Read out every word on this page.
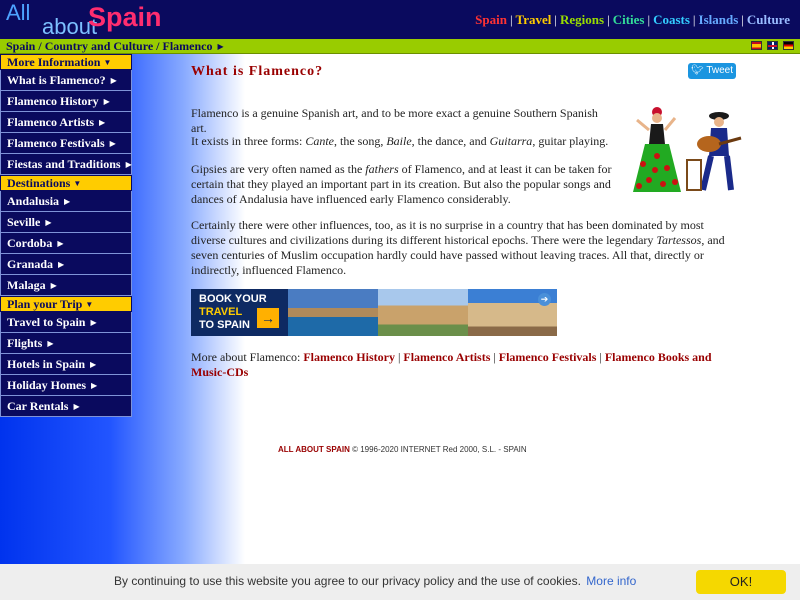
All
about
Spain	Spain | Travel | Regions | Cities | Coasts | Islands | Culture
Spain / Country and Culture / Flamenco ▶
More Information ▼
What is Flamenco? ▶
Flamenco History ▶
Flamenco Artists ▶
Flamenco Festivals ▶
Fiestas and Traditions ▶
Destinations ▼
Andalusia ▶
Seville ▶
Cordoba ▶
Granada ▶
Malaga ▶
Plan your Trip ▼
Travel to Spain ▶
Flights ▶
Hotels in Spain ▶
Holiday Homes ▶
Car Rentals ▶
What is Flamenco?	🐦︎ Tweet

Flamenco is a genuine Spanish art, and to be more exact a genuine Southern Spanish art.

It exists in three forms: Cante, the song, Baile, the dance, and Guitarra, guitar playing.

Gipsies are very often named as the fathers of Flamenco, and at least it can be taken for certain that they played an important part in its creation. But also the popular songs and dances of Andalusia have influenced early Flamenco considerably.

Certainly there were other influences, too, as it is no surprise in a country that has been dominated by most diverse cultures and civilizations during its different historical epochs. There were the legendary Tartessos, and seven centuries of Muslim occupation hardly could have passed without leaving traces. All that, directly or indirectly, influenced Flamenco.

BOOK YOUR
TRAVEL
TO SPAIN →
➔
More about Flamenco: Flamenco History | Flamenco Artists | Flamenco Festivals | Flamenco Books and Music-CDs
ALL ABOUT SPAIN © 1996-2020 INTERNET Red 2000, S.L. - SPAIN
By continuing to use this website you agree to our privacy policy and the use of cookies. More info	OK!
